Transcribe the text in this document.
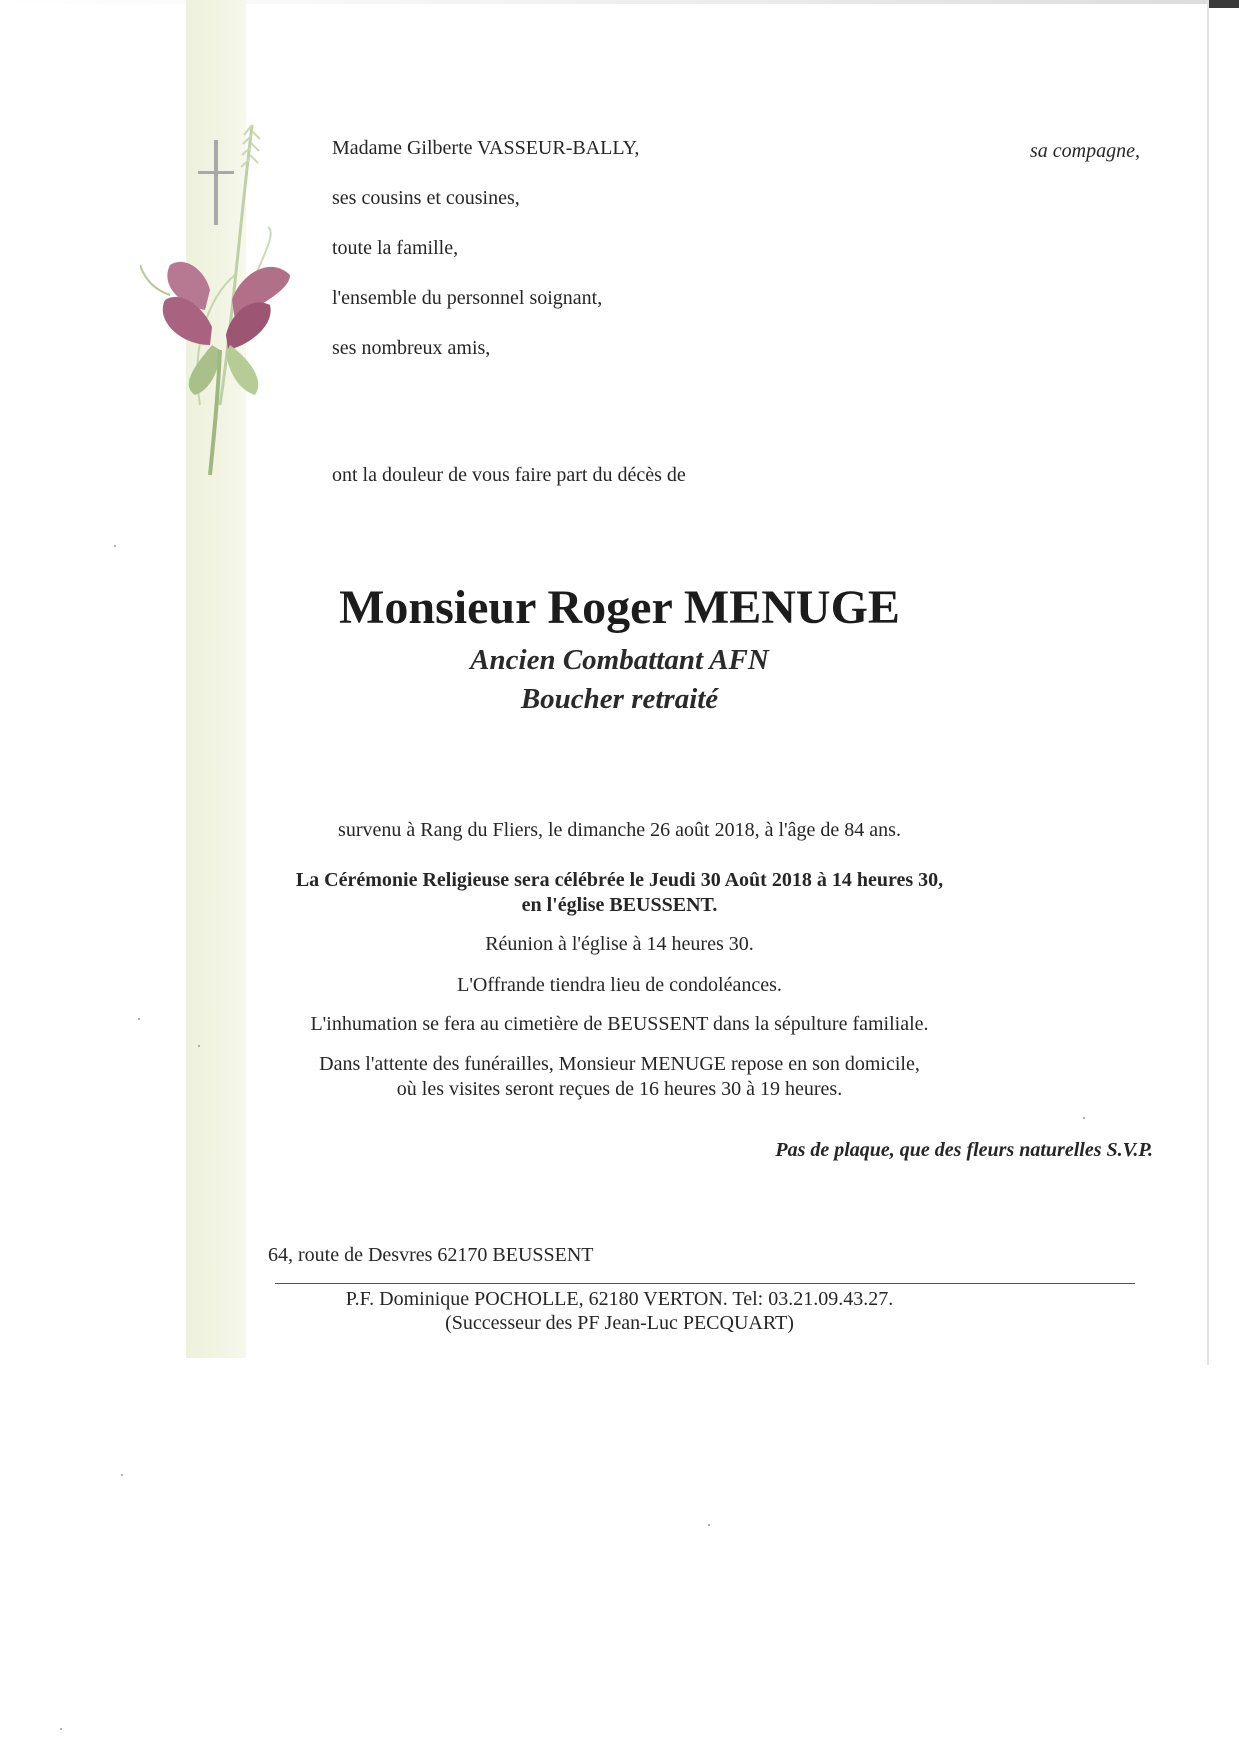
Madame Gilberte VASSEUR-BALLY,	sa compagne,
ses cousins et cousines,
toute la famille,
l'ensemble du personnel soignant,
ses nombreux amis,
ont la douleur de vous faire part du décès de
Monsieur Roger MENUGE
Ancien Combattant AFN
Boucher retraité
survenu à Rang du Fliers, le dimanche 26 août 2018, à l'âge de 84 ans.
La Cérémonie Religieuse sera célébrée le Jeudi 30 Août 2018 à 14 heures 30,
en l'église BEUSSENT.
Réunion à l'église à 14 heures 30.
L'Offrande tiendra lieu de condoléances.
L'inhumation se fera au cimetière de BEUSSENT dans la sépulture familiale.
Dans l'attente des funérailles, Monsieur MENUGE repose en son domicile,
où les visites seront reçues de 16 heures 30 à 19 heures.
Pas de plaque, que des fleurs naturelles S.V.P.
64, route de Desvres 62170 BEUSSENT
P.F. Dominique POCHOLLE, 62180 VERTON. Tel: 03.21.09.43.27.
(Successeur des PF Jean-Luc PECQUART)
